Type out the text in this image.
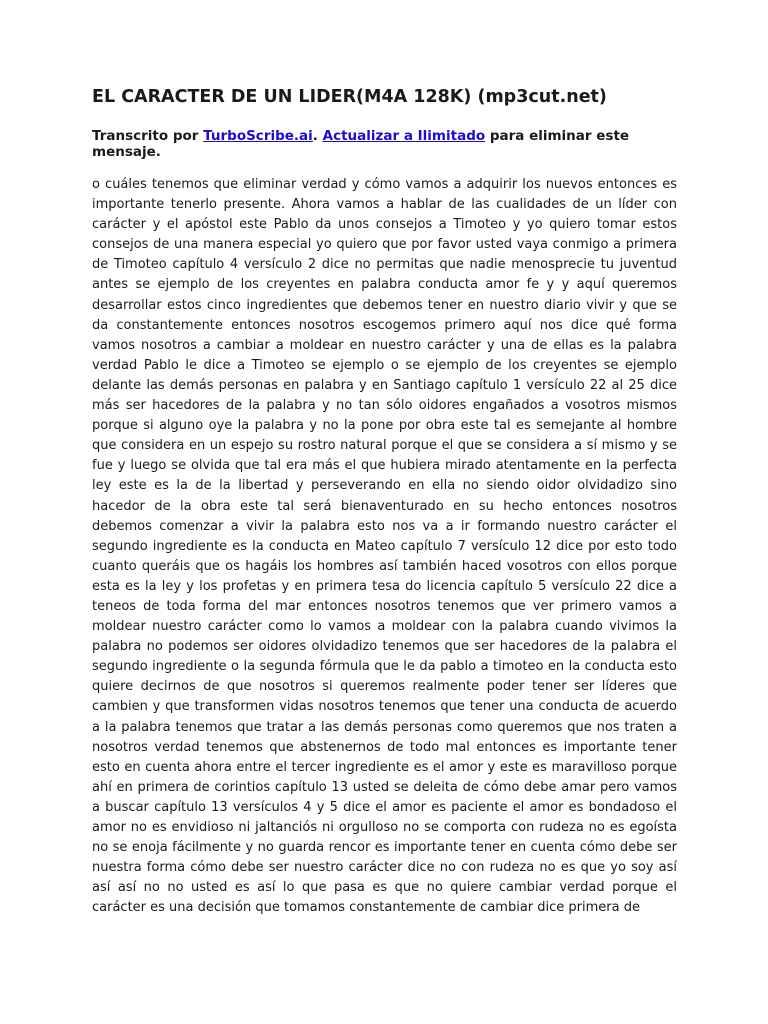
EL CARACTER DE UN LIDER(M4A 128K) (mp3cut.net)

Transcrito por TurboScribe.ai. Actualizar a Ilimitado para eliminar este mensaje.

o cuáles tenemos que eliminar verdad y cómo vamos a adquirir los nuevos entonces es importante tenerlo presente. Ahora vamos a hablar de las cualidades de un líder con carácter y el apóstol este Pablo da unos consejos a Timoteo y yo quiero tomar estos consejos de una manera especial yo quiero que por favor usted vaya conmigo a primera de Timoteo capítulo 4 versículo 2 dice no permitas que nadie menosprecie tu juventud antes se ejemplo de los creyentes en palabra conducta amor fe y y aquí queremos desarrollar estos cinco ingredientes que debemos tener en nuestro diario vivir y que se da constantemente entonces nosotros escogemos primero aquí nos dice qué forma vamos nosotros a cambiar a moldear en nuestro carácter y una de ellas es la palabra verdad Pablo le dice a Timoteo se ejemplo o se ejemplo de los creyentes se ejemplo delante las demás personas en palabra y en Santiago capítulo 1 versículo 22 al 25 dice más ser hacedores de la palabra y no tan sólo oidores engañados a vosotros mismos porque si alguno oye la palabra y no la pone por obra este tal es semejante al hombre que considera en un espejo su rostro natural porque el que se considera a sí mismo y se fue y luego se olvida que tal era más el que hubiera mirado atentamente en la perfecta ley este es la de la libertad y perseverando en ella no siendo oidor olvidadizo sino hacedor de la obra este tal será bienaventurado en su hecho entonces nosotros debemos comenzar a vivir la palabra esto nos va a ir formando nuestro carácter el segundo ingrediente es la conducta en Mateo capítulo 7 versículo 12 dice por esto todo cuanto queráis que os hagáis los hombres así también haced vosotros con ellos porque esta es la ley y los profetas y en primera tesa do licencia capítulo 5 versículo 22 dice a teneos de toda forma del mar entonces nosotros tenemos que ver primero vamos a moldear nuestro carácter como lo vamos a moldear con la palabra cuando vivimos la palabra no podemos ser oidores olvidadizo tenemos que ser hacedores de la palabra el segundo ingrediente o la segunda fórmula que le da pablo a timoteo en la conducta esto quiere decirnos de que nosotros si queremos realmente poder tener ser líderes que cambien y que transformen vidas nosotros tenemos que tener una conducta de acuerdo a la palabra tenemos que tratar a las demás personas como queremos que nos traten a nosotros verdad tenemos que abstenernos de todo mal entonces es importante tener esto en cuenta ahora entre el tercer ingrediente es el amor y este es maravilloso porque ahí en primera de corintios capítulo 13 usted se deleita de cómo debe amar pero vamos a buscar capítulo 13 versículos 4 y 5 dice el amor es paciente el amor es bondadoso el amor no es envidioso ni jaltanciós ni orgulloso no se comporta con rudeza no es egoísta no se enoja fácilmente y no guarda rencor es importante tener en cuenta cómo debe ser nuestra forma cómo debe ser nuestro carácter dice no con rudeza no es que yo soy así así así no no usted es así lo que pasa es que no quiere cambiar verdad porque el carácter es una decisión que tomamos constantemente de cambiar dice primera de
